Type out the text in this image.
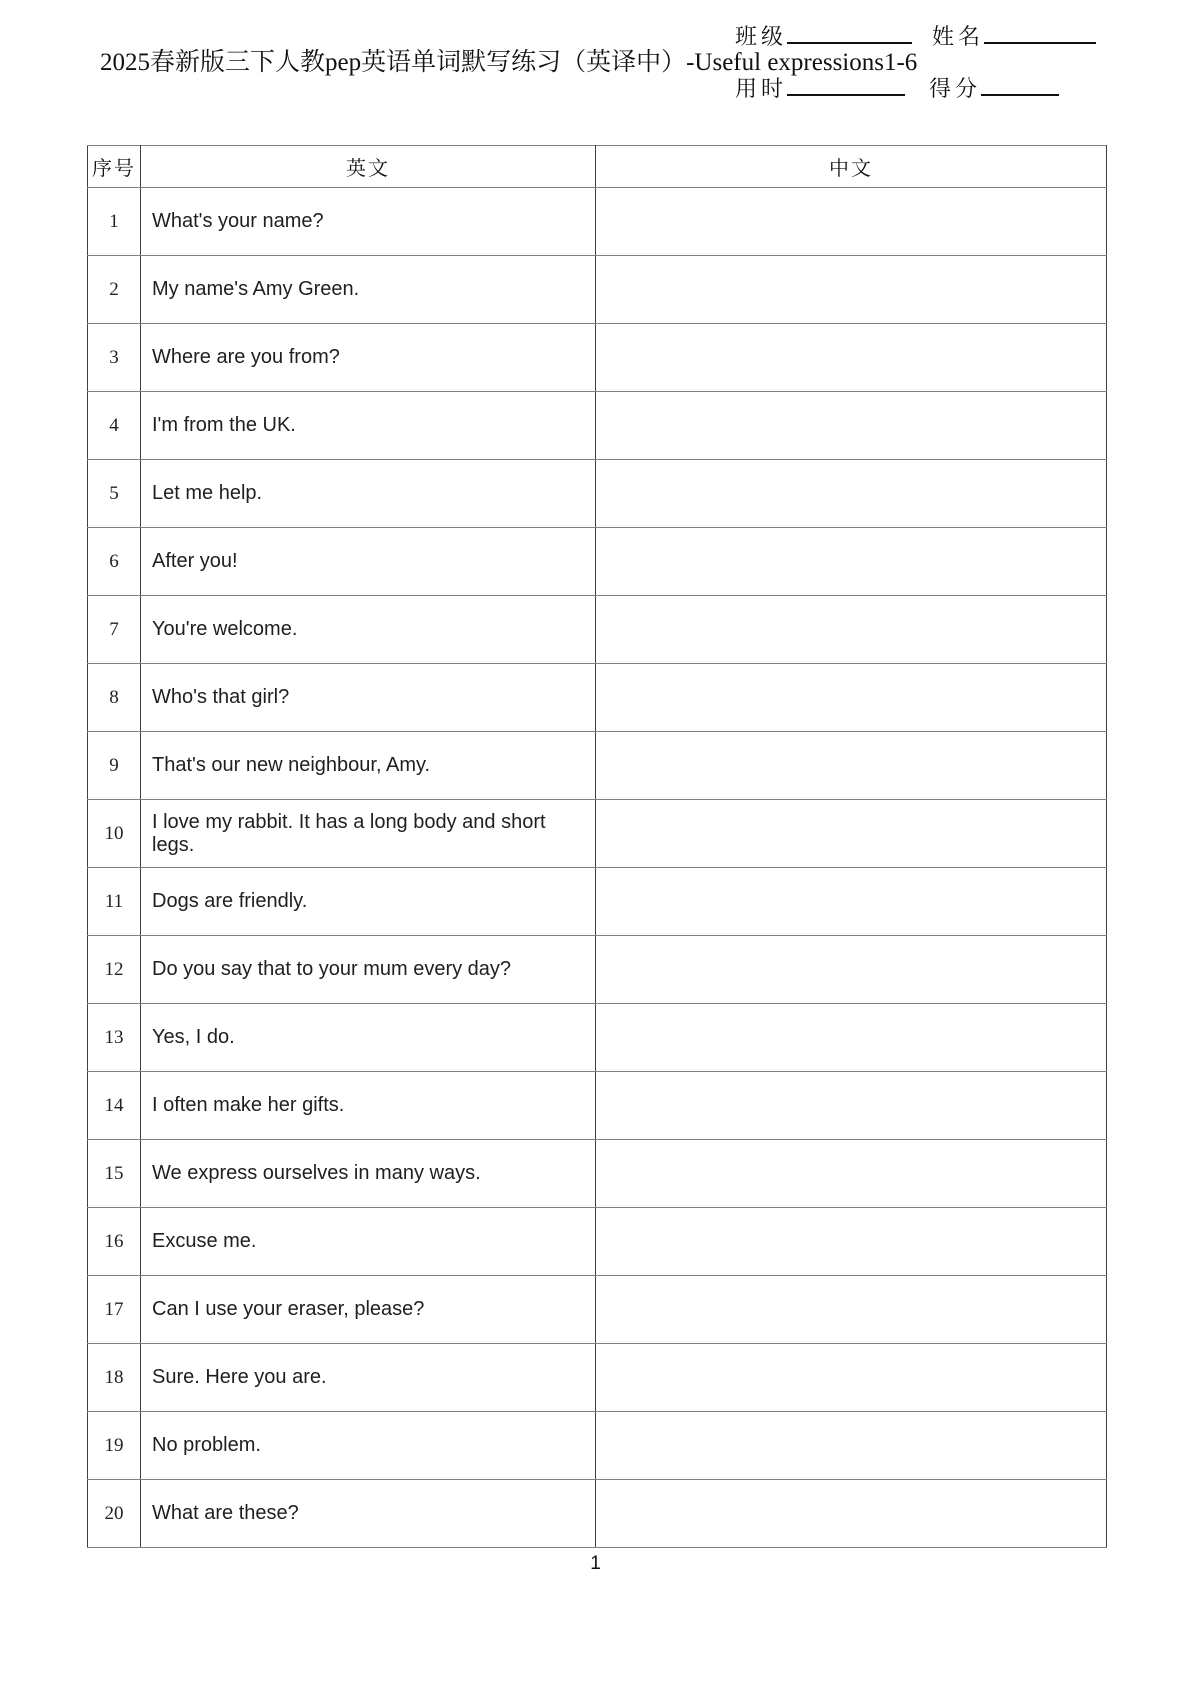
班级	姓名
2025春新版三下人教pep英语单词默写练习（英译中）-Useful expressions1-6
用时	得分
序号	英文	中文
1	What's your name?	
2	My name's Amy Green.	
3	Where are you from?	
4	I'm from the UK.	
5	Let me help.	
6	After you!	
7	You're welcome.	
8	Who's that girl?	
9	That's our new neighbour, Amy.	
10	I love my rabbit. It has a long body and short legs.	
11	Dogs are friendly.	
12	Do you say that to your mum every day?	
13	Yes, I do.	
14	I often make her gifts.	
15	We express ourselves in many ways.	
16	Excuse me.	
17	Can I use your eraser, please?	
18	Sure. Here you are.	
19	No problem.	
20	What are these?	
1
